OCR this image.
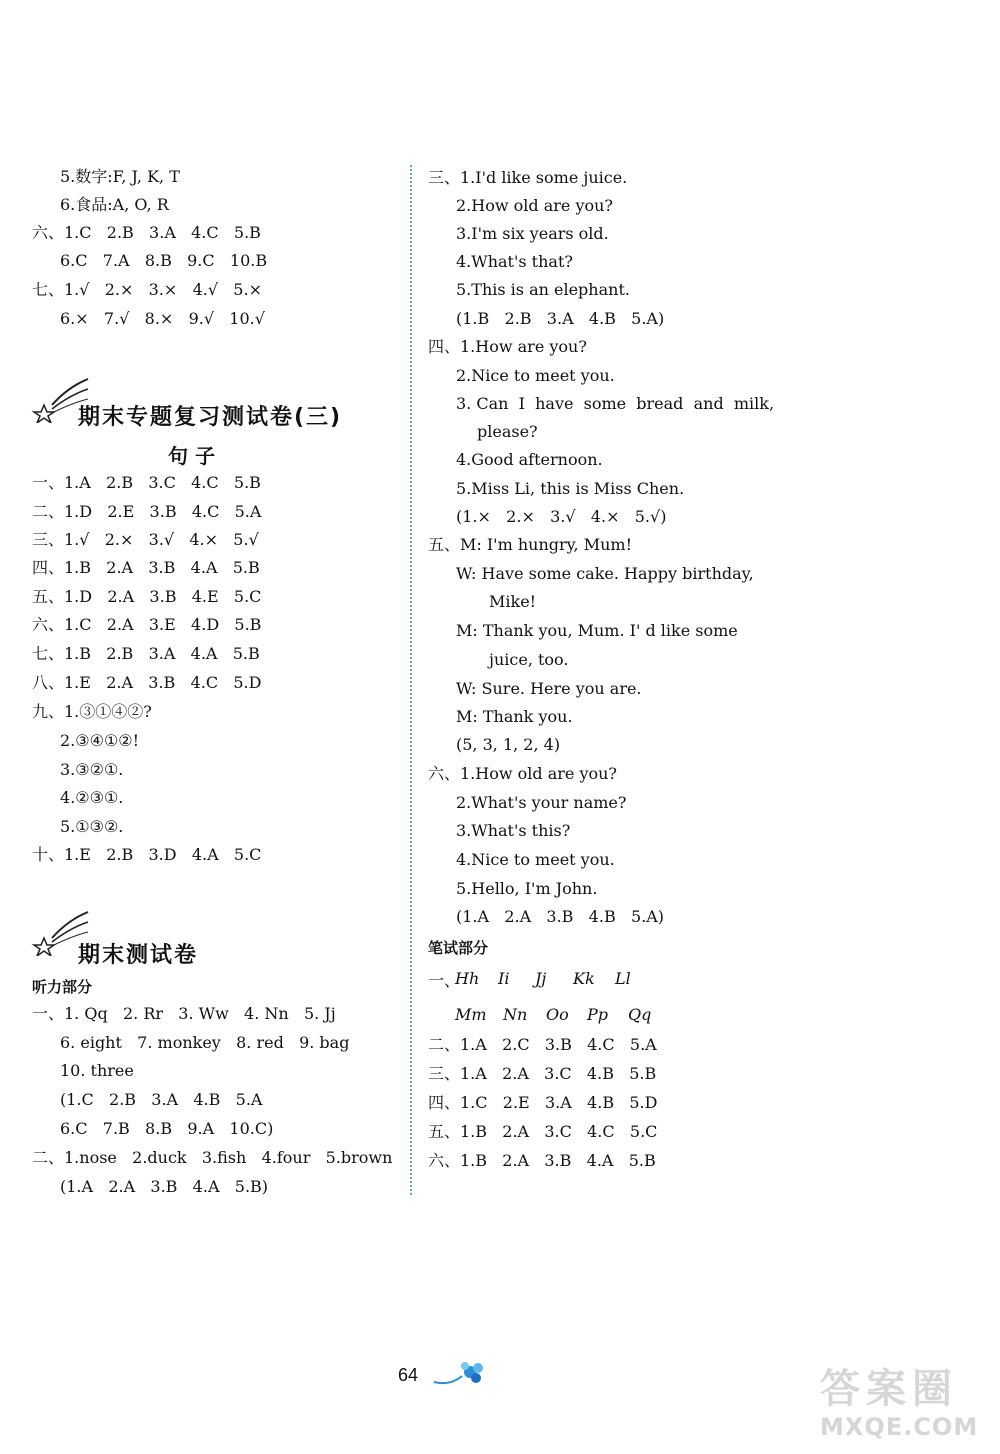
5.数字:F, J, K, T
6.食品:A, O, R
六、1.C   2.B   3.A   4.C   5.B
6.C   7.A   8.B   9.C   10.B
七、1.√   2.×   3.×   4.√   5.×
6.×   7.√   8.×   9.√   10.√
期末专题复习测试卷(三)
句 子
一、1.A   2.B   3.C   4.C   5.B
二、1.D   2.E   3.B   4.C   5.A
三、1.√   2.×   3.√   4.×   5.√
四、1.B   2.A   3.B   4.A   5.B
五、1.D   2.A   3.B   4.E   5.C
六、1.C   2.A   3.E   4.D   5.B
七、1.B   2.B   3.A   4.A   5.B
八、1.E   2.A   3.B   4.C   5.D
九、1.③①④②?
2.③④①②!
3.③②①.
4.②③①.
5.①③②.
十、1.E   2.B   3.D   4.A   5.C
期末测试卷
听力部分
一、1. Qq   2. Rr   3. Ww   4. Nn   5. Jj
6. eight   7. monkey   8. red   9. bag
10. three
(1.C   2.B   3.A   4.B   5.A
6.C   7.B   8.B   9.A   10.C)
二、1.nose   2.duck   3.fish   4.four   5.brown
(1.A   2.A   3.B   4.A   5.B)
三、1.I'd like some juice.
2.How old are you?
3.I'm six years old.
4.What's that?
5.This is an elephant.
(1.B   2.B   3.A   4.B   5.A)
四、1.How are you?
2.Nice to meet you.
3. Can  I  have  some  bread  and  milk,
please?
4.Good afternoon.
5.Miss Li, this is Miss Chen.
(1.×   2.×   3.√   4.×   5.√)
五、M: I'm hungry, Mum!
W: Have some cake. Happy birthday,
Mike!
M: Thank you, Mum. I' d like some
juice, too.
W: Sure. Here you are.
M: Thank you.
(5, 3, 1, 2, 4)
六、1.How old are you?
2.What's your name?
3.What's this?
4.Nice to meet you.
5.Hello, I'm John.
(1.A   2.A   3.B   4.B   5.A)
笔试部分
一、
Hh Ii Jj Kk Ll
Mm Nn Oo Pp Qq
二、1.A   2.C   3.B   4.C   5.A
三、1.A   2.A   3.C   4.B   5.B
四、1.C   2.E   3.A   4.B   5.D
五、1.B   2.A   3.C   4.C   5.C
六、1.B   2.A   3.B   4.A   5.B
64	答案圈
MXQE.COM
